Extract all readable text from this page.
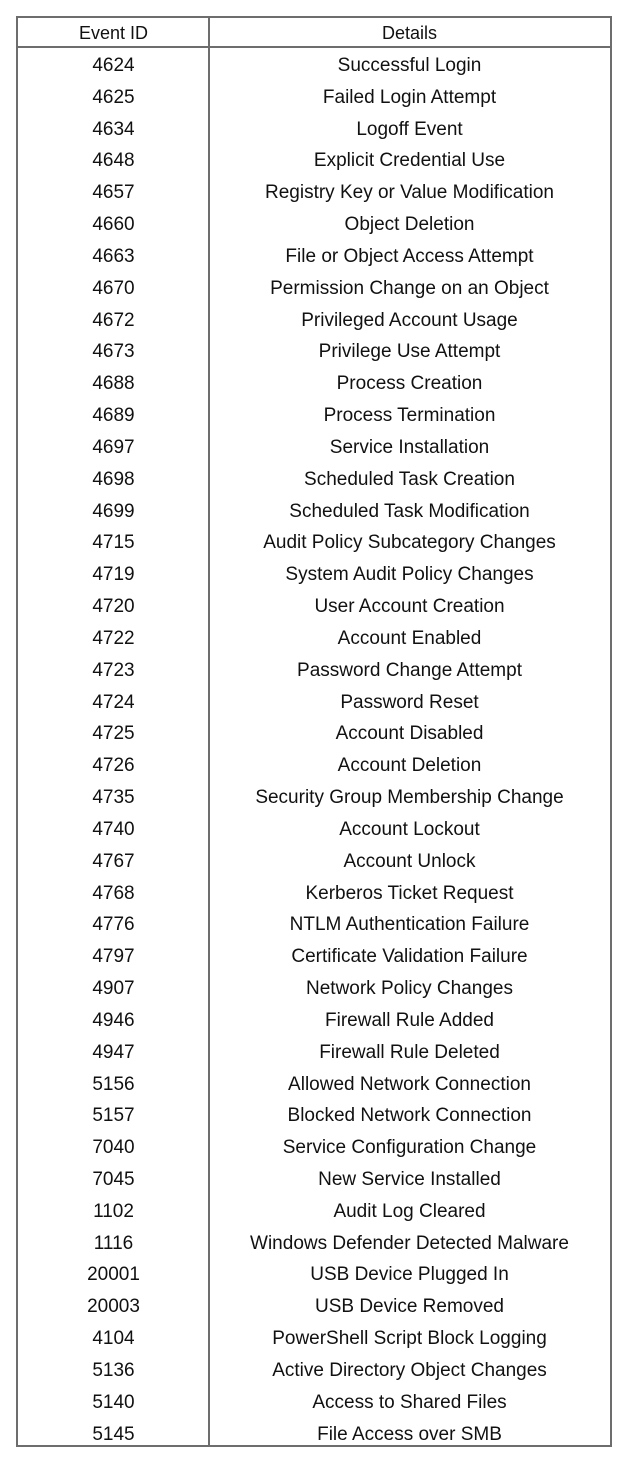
Event ID	Details
4624	Successful Login
4625	Failed Login Attempt
4634	Logoff Event
4648	Explicit Credential Use
4657	Registry Key or Value Modification
4660	Object Deletion
4663	File or Object Access Attempt
4670	Permission Change on an Object
4672	Privileged Account Usage
4673	Privilege Use Attempt
4688	Process Creation
4689	Process Termination
4697	Service Installation
4698	Scheduled Task Creation
4699	Scheduled Task Modification
4715	Audit Policy Subcategory Changes
4719	System Audit Policy Changes
4720	User Account Creation
4722	Account Enabled
4723	Password Change Attempt
4724	Password Reset
4725	Account Disabled
4726	Account Deletion
4735	Security Group Membership Change
4740	Account Lockout
4767	Account Unlock
4768	Kerberos Ticket Request
4776	NTLM Authentication Failure
4797	Certificate Validation Failure
4907	Network Policy Changes
4946	Firewall Rule Added
4947	Firewall Rule Deleted
5156	Allowed Network Connection
5157	Blocked Network Connection
7040	Service Configuration Change
7045	New Service Installed
1102	Audit Log Cleared
1116	Windows Defender Detected Malware
20001	USB Device Plugged In
20003	USB Device Removed
4104	PowerShell Script Block Logging
5136	Active Directory Object Changes
5140	Access to Shared Files
5145	File Access over SMB
